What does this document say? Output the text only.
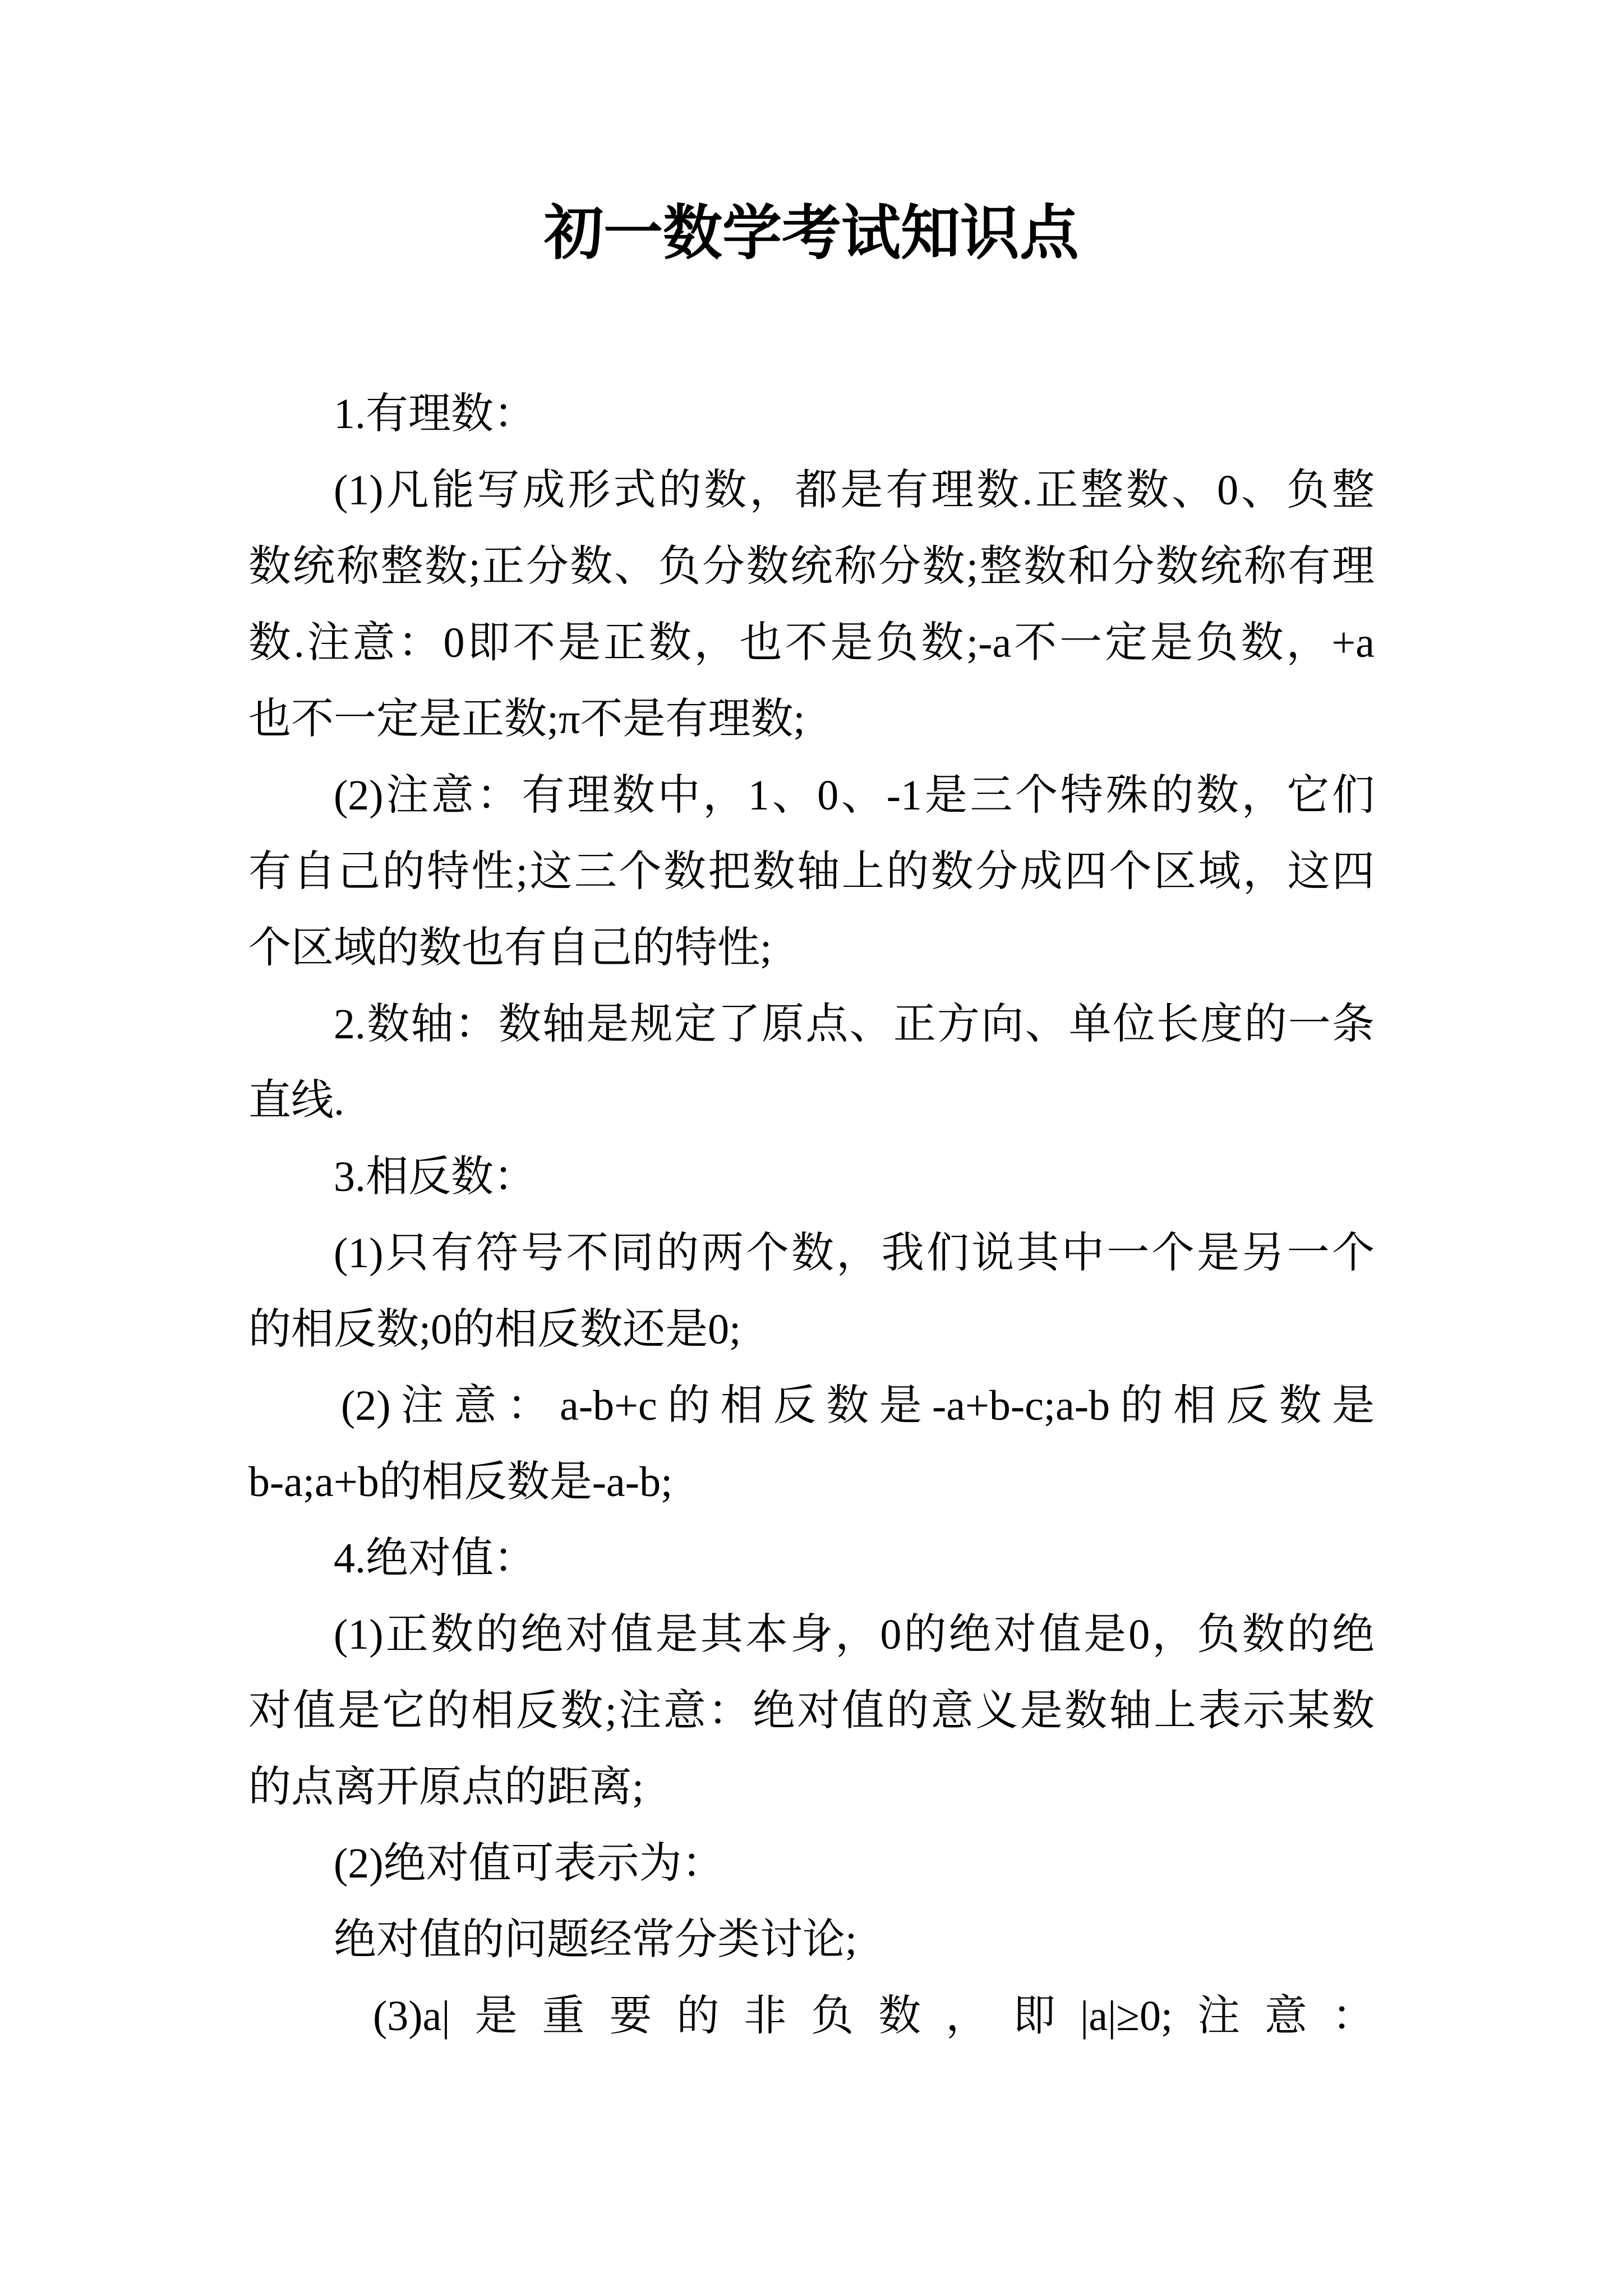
初一数学考试知识点
1.有理数：
(1)凡能写成形式的数，都是有理数.正整数、0、负整
数统称整数;正分数、负分数统称分数;整数和分数统称有理
数.注意：0即不是正数，也不是负数;-a不一定是负数，+a
也不一定是正数;π不是有理数;
(2)注意：有理数中，1、0、-1是三个特殊的数，它们
有自己的特性;这三个数把数轴上的数分成四个区域，这四
个区域的数也有自己的特性;
2.数轴：数轴是规定了原点、正方向、单位长度的一条
直线.
3.相反数：
(1)只有符号不同的两个数，我们说其中一个是另一个
的相反数;0的相反数还是0;
(2)注意：a-b+c的相反数是-a+b-c;a-b的相反数是
b-a;a+b的相反数是-a-b;
4.绝对值：
(1)正数的绝对值是其本身，0的绝对值是0，负数的绝
对值是它的相反数;注意：绝对值的意义是数轴上表示某数
的点离开原点的距离;
(2)绝对值可表示为：
绝对值的问题经常分类讨论;
(3)a|是重要的非负数，即|a|≥0;注意：
